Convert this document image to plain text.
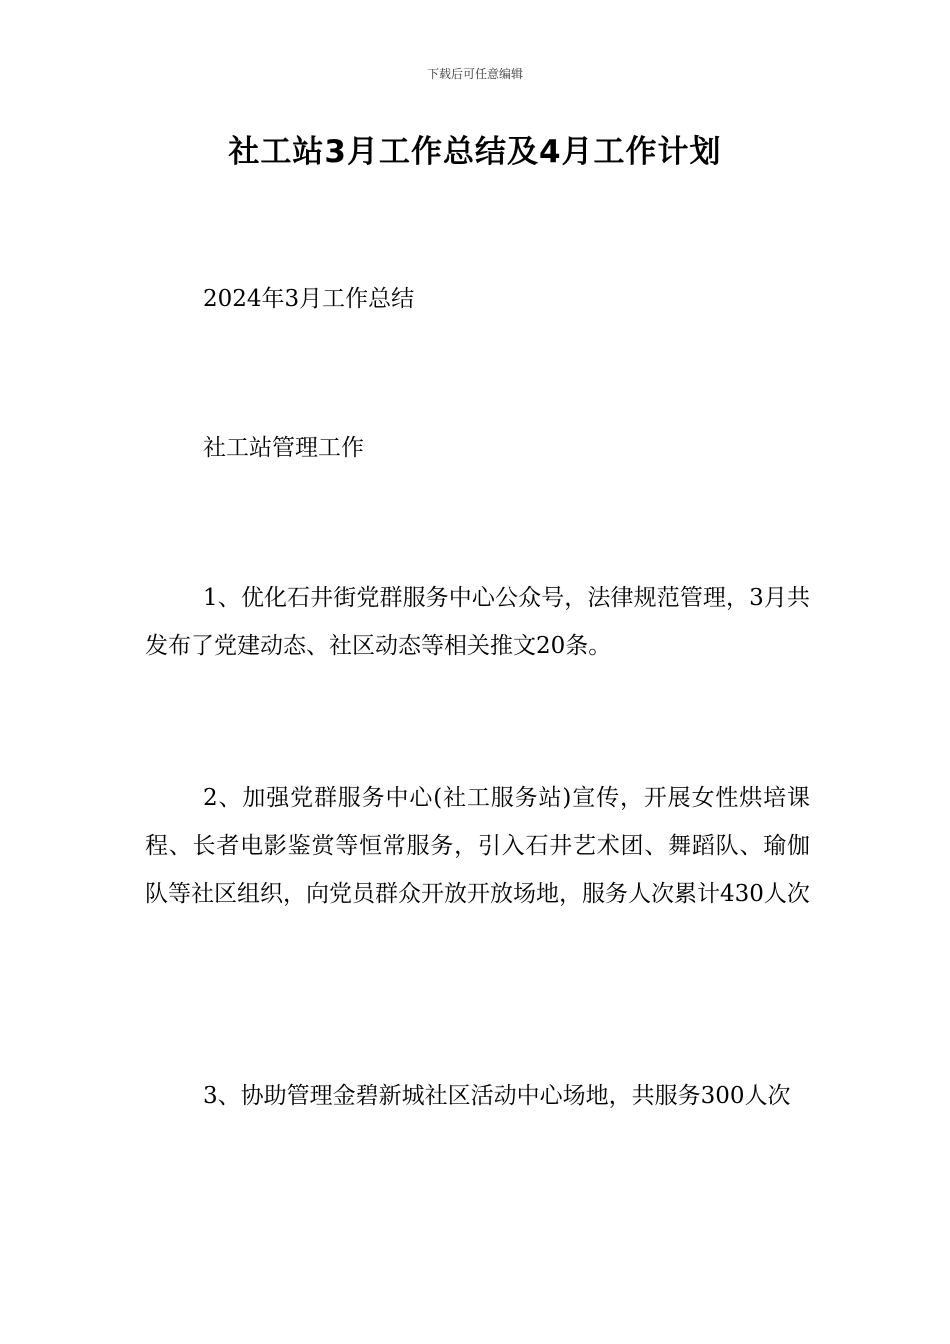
下载后可任意编辑
社工站3月工作总结及4月工作计划
2024年3月工作总结
社工站管理工作

1、优化石井街党群服务中心公众号，法律规范管理，3月共发布了党建动态、社区动态等相关推文20条。

2、加强党群服务中心(社工服务站)宣传，开展女性烘培课程、长者电影鉴赏等恒常服务，引入石井艺术团、舞蹈队、瑜伽队等社区组织，向党员群众开放开放场地，服务人次累计430人次

3、协助管理金碧新城社区活动中心场地，共服务300人次
